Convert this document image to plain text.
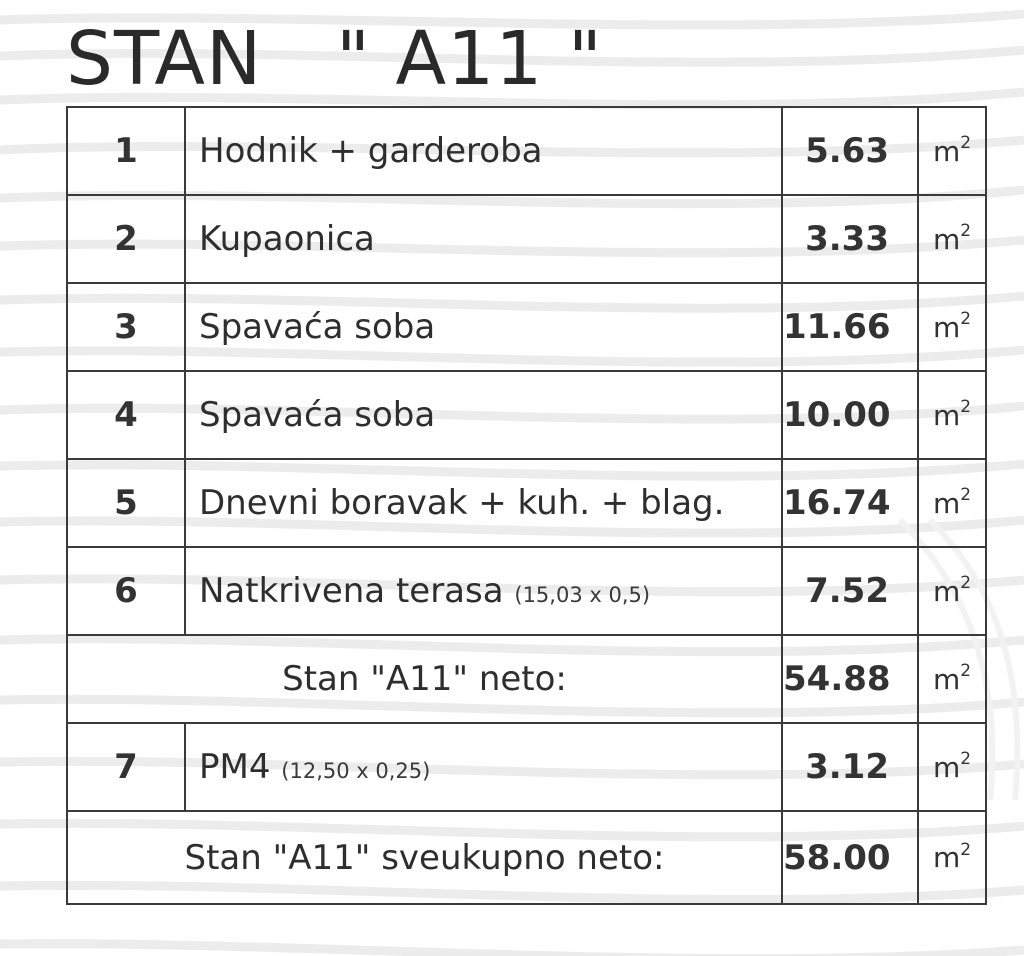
STAN   " A11 "
1	Hodnik + garderoba	5.63	$m^2$
2	Kupaonica	3.33	$m^2$
3	Spavaća soba	11.66	$m^2$
4	Spavaća soba	10.00	$m^2$
5	Dnevni boravak + kuh. + blag.	16.74	$m^2$
6	Natkrivena terasa (15,03 x 0,5)	7.52	$m^2$
Stan "A11" neto:		54.88	$m^2$
7	PM4 (12,50 x 0,25)	3.12	$m^2$
Stan "A11" sveukupno neto:		58.00	$m^2$
